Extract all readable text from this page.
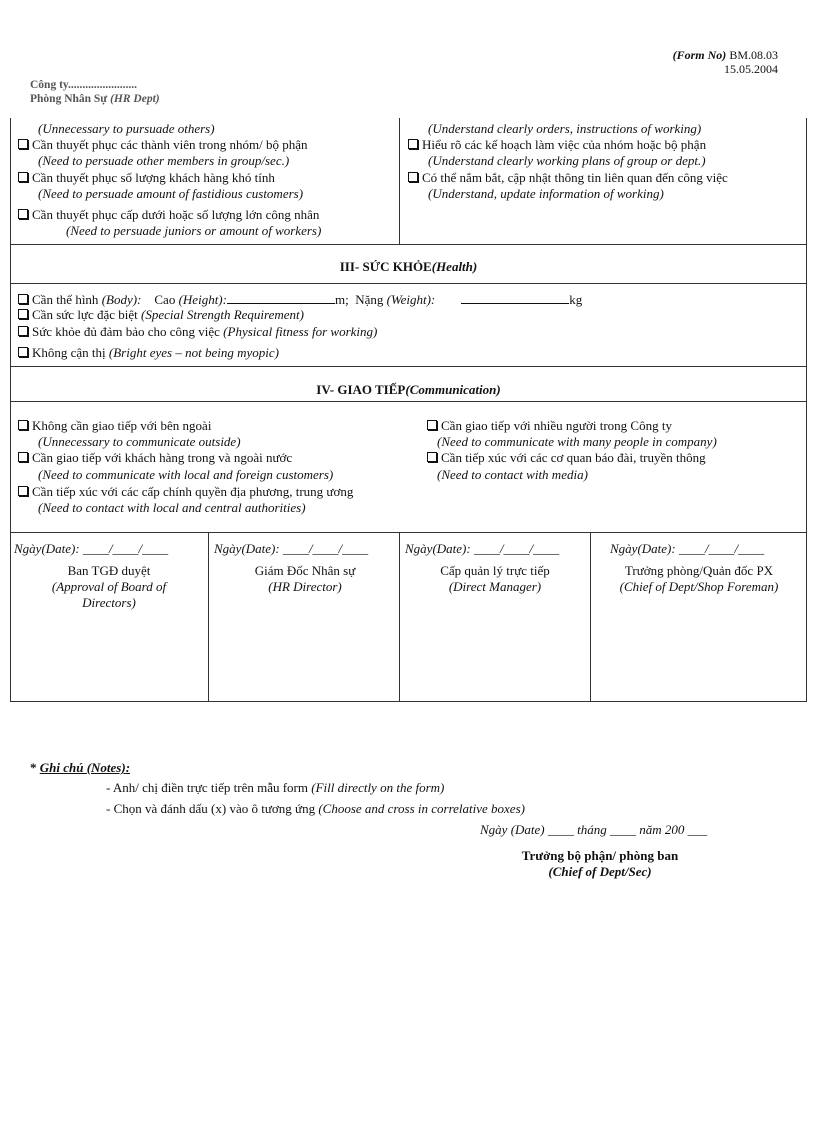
(Form No) BM.08.03
15.05.2004
Công ty........................
Phòng Nhân Sự (HR Dept)
(Unnecessary to pursuade others)
Cần thuyết phục các thành viên trong nhóm/ bộ phận
(Need to persuade other members in group/sec.)
Cần thuyết phục số lượng khách hàng khó tính
(Need to persuade amount of fastidious customers)
Cần thuyết phục cấp dưới hoặc số lượng lớn công nhân
(Need to persuade juniors or amount of workers)
(Understand clearly orders, instructions of working)
Hiểu rõ các kế hoạch làm việc của nhóm hoặc bộ phận
(Understand clearly working plans of group or dept.)
Có thể nắm bắt, cập nhật thông tin liên quan đến công việc
(Understand, update information of working)
III- SỨC KHỎE(Health)
Cần thể hình (Body): Cao (Height):	m; Nặng (Weight):	kg
Cần sức lực đặc biệt (Special Strength Requirement)
Sức khỏe đủ đảm bảo cho công việc (Physical fitness for working)
Không cận thị (Bright eyes – not being myopic)
IV- GIAO TIẾP(Communication)
Không cần giao tiếp với bên ngoài
(Unnecessary to communicate outside)
Cần giao tiếp với khách hàng trong và ngoài nước
(Need to communicate with local and foreign customers)
Cần tiếp xúc với các cấp chính quyền địa phương, trung ương
(Need to contact with local and central authorities)
Cần giao tiếp với nhiều người trong Công ty
(Need to communicate with many people in company)
Cần tiếp xúc với các cơ quan báo đài, truyền thông
(Need to contact with media)
Ngày(Date): ____/____/____
Ban TGĐ duyệt
(Approval of Board of Directors)
Ngày(Date): ____/____/____
Giám Đốc Nhân sự
(HR Director)
Ngày(Date): ____/____/____
Cấp quản lý trực tiếp
(Direct Manager)
Ngày(Date): ____/____/____
Trưởng phòng/Quản đốc PX
(Chief of Dept/Shop Foreman)
* Ghi chú (Notes):
- Anh/ chị điền trực tiếp trên mẫu form (Fill directly on the form)
- Chọn và đánh dấu (x) vào ô tương ứng (Choose and cross in correlative boxes)
Ngày (Date) ____ tháng ____ năm 200 ___
Trưởng bộ phận/ phòng ban
(Chief of Dept/Sec)
